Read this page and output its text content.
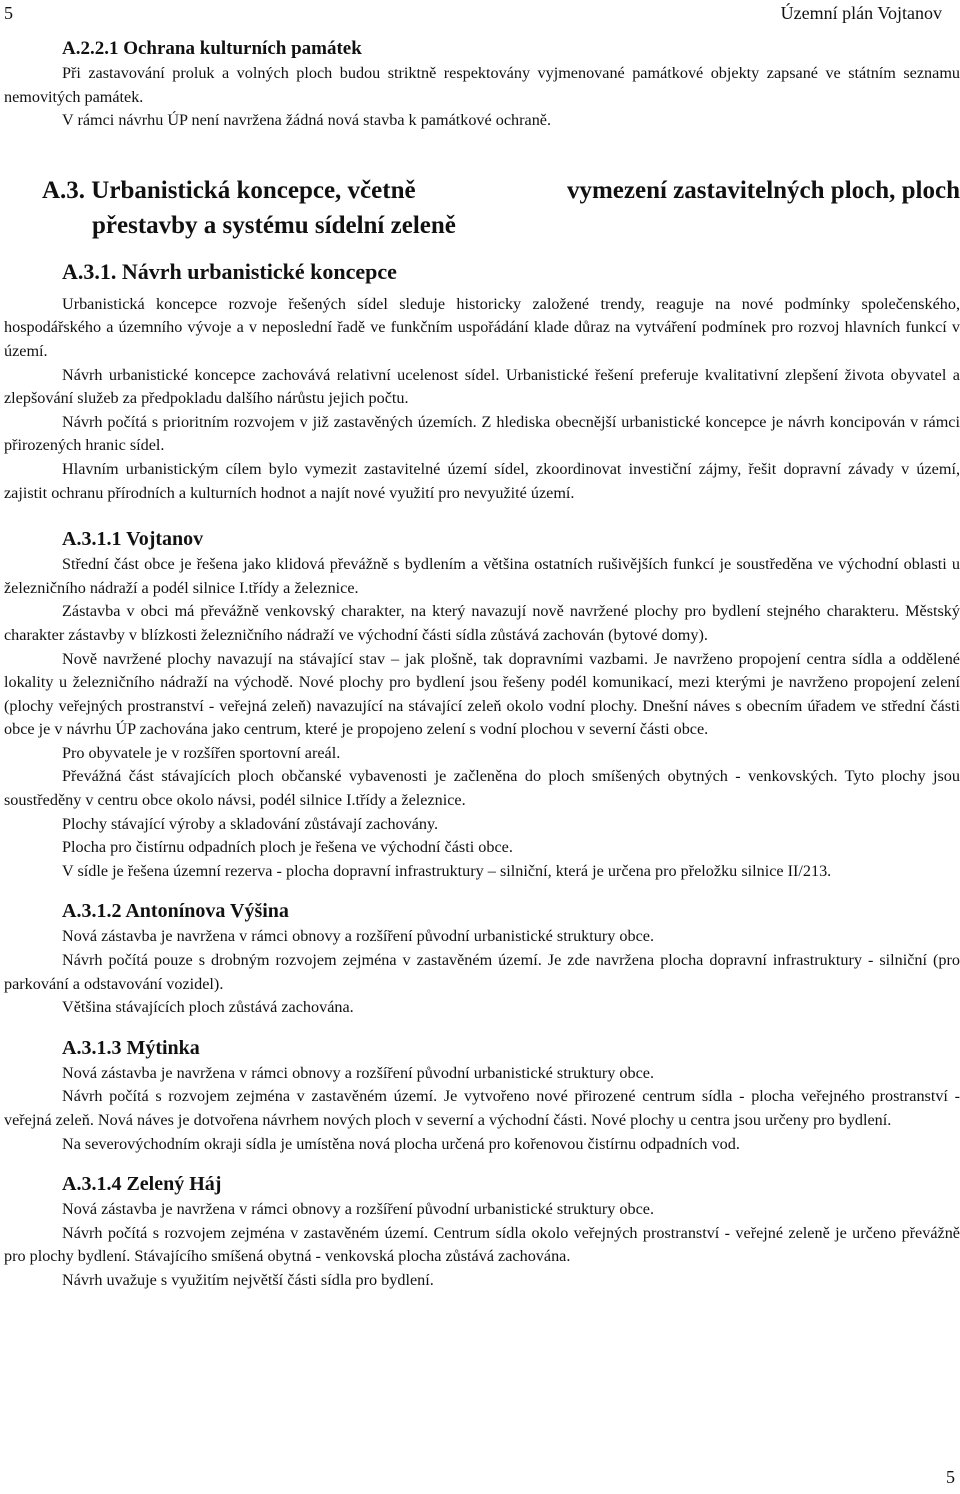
5	Územní plán Vojtanov
A.2.2.1 Ochrana kulturních památek

Při zastavování proluk a volných ploch budou striktně respektovány vyjmenované památkové objekty zapsané ve státním seznamu nemovitých památek.

V rámci návrhu ÚP není navržena žádná nová stavba k památkové ochraně.

A.3. Urbanistická koncepce, včetně	vymezení zastavitelných ploch, ploch
přestavby a systému sídelní zeleně
A.3.1. Návrh urbanistické koncepce

Urbanistická koncepce rozvoje řešených sídel sleduje historicky založené trendy, reaguje na nové podmínky společenského, hospodářského a územního vývoje a v neposlední řadě ve funkčním uspořádání klade důraz na vytváření podmínek pro rozvoj hlavních funkcí v území.

Návrh urbanistické koncepce zachovává relativní ucelenost sídel. Urbanistické řešení preferuje kvalitativní zlepšení života obyvatel a zlepšování služeb za předpokladu dalšího nárůstu jejich počtu.

Návrh počítá s prioritním rozvojem v již zastavěných územích. Z hlediska obecnější urbanistické koncepce je návrh koncipován v rámci přirozených hranic sídel.

Hlavním urbanistickým cílem bylo vymezit zastavitelné území sídel, zkoordinovat investiční zájmy, řešit dopravní závady v území, zajistit ochranu přírodních a kulturních hodnot a najít nové využití pro nevyužité území.

A.3.1.1 Vojtanov

Střední část obce je řešena jako klidová převážně s bydlením a většina ostatních rušivějších funkcí je soustředěna ve východní oblasti u železničního nádraží a podél silnice I.třídy a železnice.

Zástavba v obci má převážně venkovský charakter, na který navazují nově navržené plochy pro bydlení stejného charakteru. Městský charakter zástavby v blízkosti železničního nádraží ve východní části sídla zůstává zachován (bytové domy).

Nově navržené plochy navazují na stávající stav – jak plošně, tak dopravními vazbami. Je navrženo propojení centra sídla a oddělené lokality u železničního nádraží na východě. Nové plochy pro bydlení jsou řešeny podél komunikací, mezi kterými je navrženo propojení zelení (plochy veřejných prostranství - veřejná zeleň) navazující na stávající zeleň okolo vodní plochy. Dnešní náves s obecním úřadem ve střední části obce je v návrhu ÚP zachována jako centrum, které je propojeno zelení s vodní plochou v severní části obce.

Pro obyvatele je v rozšířen sportovní areál.

Převážná část stávajících ploch občanské vybavenosti je začleněna do ploch smíšených obytných - venkovských. Tyto plochy jsou soustředěny v centru obce okolo návsi, podél silnice I.třídy a železnice.

Plochy stávající výroby a skladování zůstávají zachovány.

Plocha pro čistírnu odpadních ploch je řešena ve východní části obce.

V sídle je řešena územní rezerva - plocha dopravní infrastruktury – silniční, která je určena pro přeložku silnice II/213.

A.3.1.2 Antonínova Výšina

Nová zástavba je navržena v rámci obnovy a rozšíření původní urbanistické struktury obce.

Návrh počítá pouze s drobným rozvojem zejména v zastavěném území. Je zde navržena plocha dopravní infrastruktury - silniční (pro parkování a odstavování vozidel).

Většina stávajících ploch zůstává zachována.

A.3.1.3 Mýtinka

Nová zástavba je navržena v rámci obnovy a rozšíření původní urbanistické struktury obce.

Návrh počítá s rozvojem zejména v zastavěném území. Je vytvořeno nové přirozené centrum sídla - plocha veřejného prostranství - veřejná zeleň. Nová náves je dotvořena návrhem nových ploch v severní a východní části. Nové plochy u centra jsou určeny pro bydlení.

Na severovýchodním okraji sídla je umístěna nová plocha určená pro kořenovou čistírnu odpadních vod.

A.3.1.4 Zelený Háj

Nová zástavba je navržena v rámci obnovy a rozšíření původní urbanistické struktury obce.

Návrh počítá s rozvojem zejména v zastavěném území. Centrum sídla okolo veřejných prostranství - veřejné zeleně je určeno převážně pro plochy bydlení. Stávajícího smíšená obytná - venkovská plocha zůstává zachována.

Návrh uvažuje s využitím největší části sídla pro bydlení.

5
